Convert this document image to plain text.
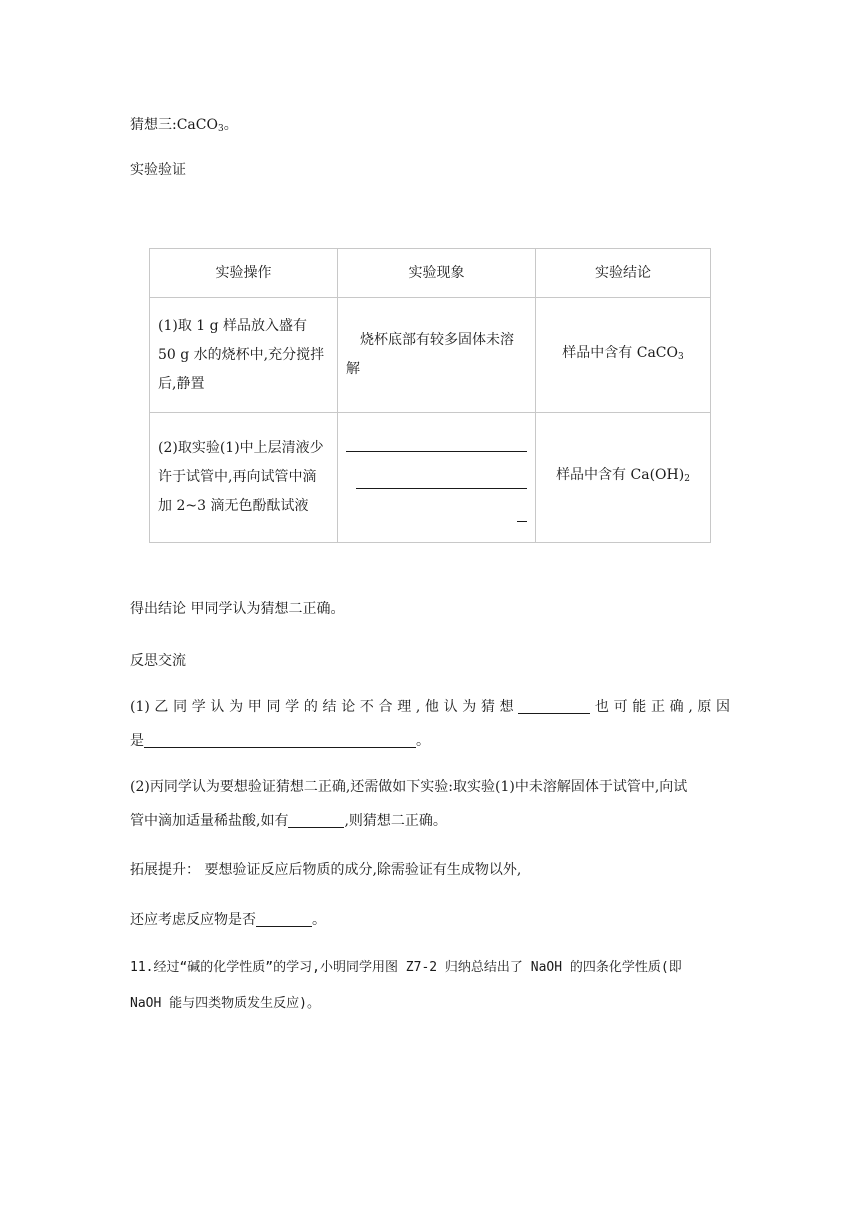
猜想三:CaCO$_3$。

实验验证

实验操作	实验现象	实验结论
(1)取 1 g 样品放入盛有 50 g 水的烧杯中,充分搅拌后,静置	烧杯底部有较多固体未溶解	样品中含有 CaCO$_3$
(2)取实验(1)中上层清液少许于试管中,再向试管中滴加 2~3 滴无色酚酞试液		样品中含有 $Ca(OH)_2$

得出结论 甲同学认为猜想二正确。

反思交流

(1) 乙 同 学 认 为 甲 同 学 的 结 论 不 合 理 , 他 认 为 猜 想	也 可 能 正 确 , 原 因

是	。

(2)丙同学认为要想验证猜想二正确,还需做如下实验:取实验(1)中未溶解固体于试管中,向试

管中滴加适量稀盐酸,如有	,则猜想二正确。

拓展提升： 要想验证反应后物质的成分,除需验证有生成物以外,

还应考虑反应物是否	。

11.经过“碱的化学性质”的学习,小明同学用图 Z7-2 归纳总结出了 NaOH 的四条化学性质(即

NaOH 能与四类物质发生反应)。
